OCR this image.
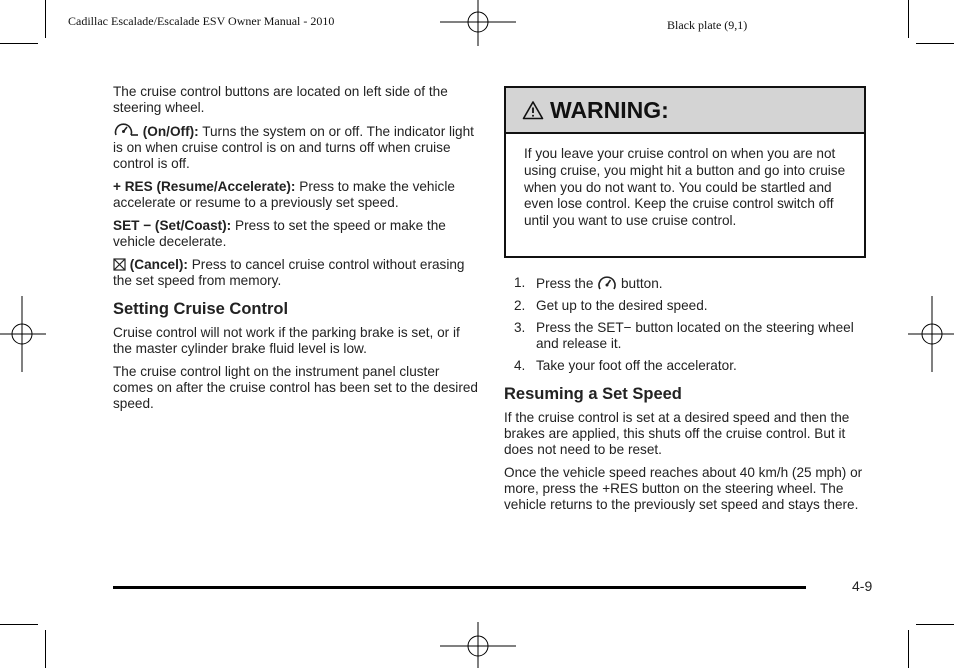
Cadillac Escalade/Escalade ESV Owner Manual - 2010	Black plate (9,1)

The cruise control buttons are located on left side of the steering wheel.

(On/Off): Turns the system on or off. The indicator light is on when cruise control is on and turns off when cruise control is off.

+ RES (Resume/Accelerate): Press to make the vehicle accelerate or resume to a previously set speed.

SET − (Set/Coast): Press to set the speed or make the vehicle decelerate.

(Cancel): Press to cancel cruise control without erasing the set speed from memory.

Setting Cruise Control

Cruise control will not work if the parking brake is set, or if the master cylinder brake fluid level is low.

The cruise control light on the instrument panel cluster comes on after the cruise control has been set to the desired speed.

WARNING:
If you leave your cruise control on when you are not using cruise, you might hit a button and go into cruise when you do not want to. You could be startled and even lose control. Keep the cruise control switch off until you want to use cruise control.
1. Press the button.
2. Get up to the desired speed.
3. Press the SET− button located on the steering wheel and release it.
4. Take your foot off the accelerator.
Resuming a Set Speed

If the cruise control is set at a desired speed and then the brakes are applied, this shuts off the cruise control. But it does not need to be reset.

Once the vehicle speed reaches about 40 km/h (25 mph) or more, press the +RES button on the steering wheel. The vehicle returns to the previously set speed and stays there.

4-9
